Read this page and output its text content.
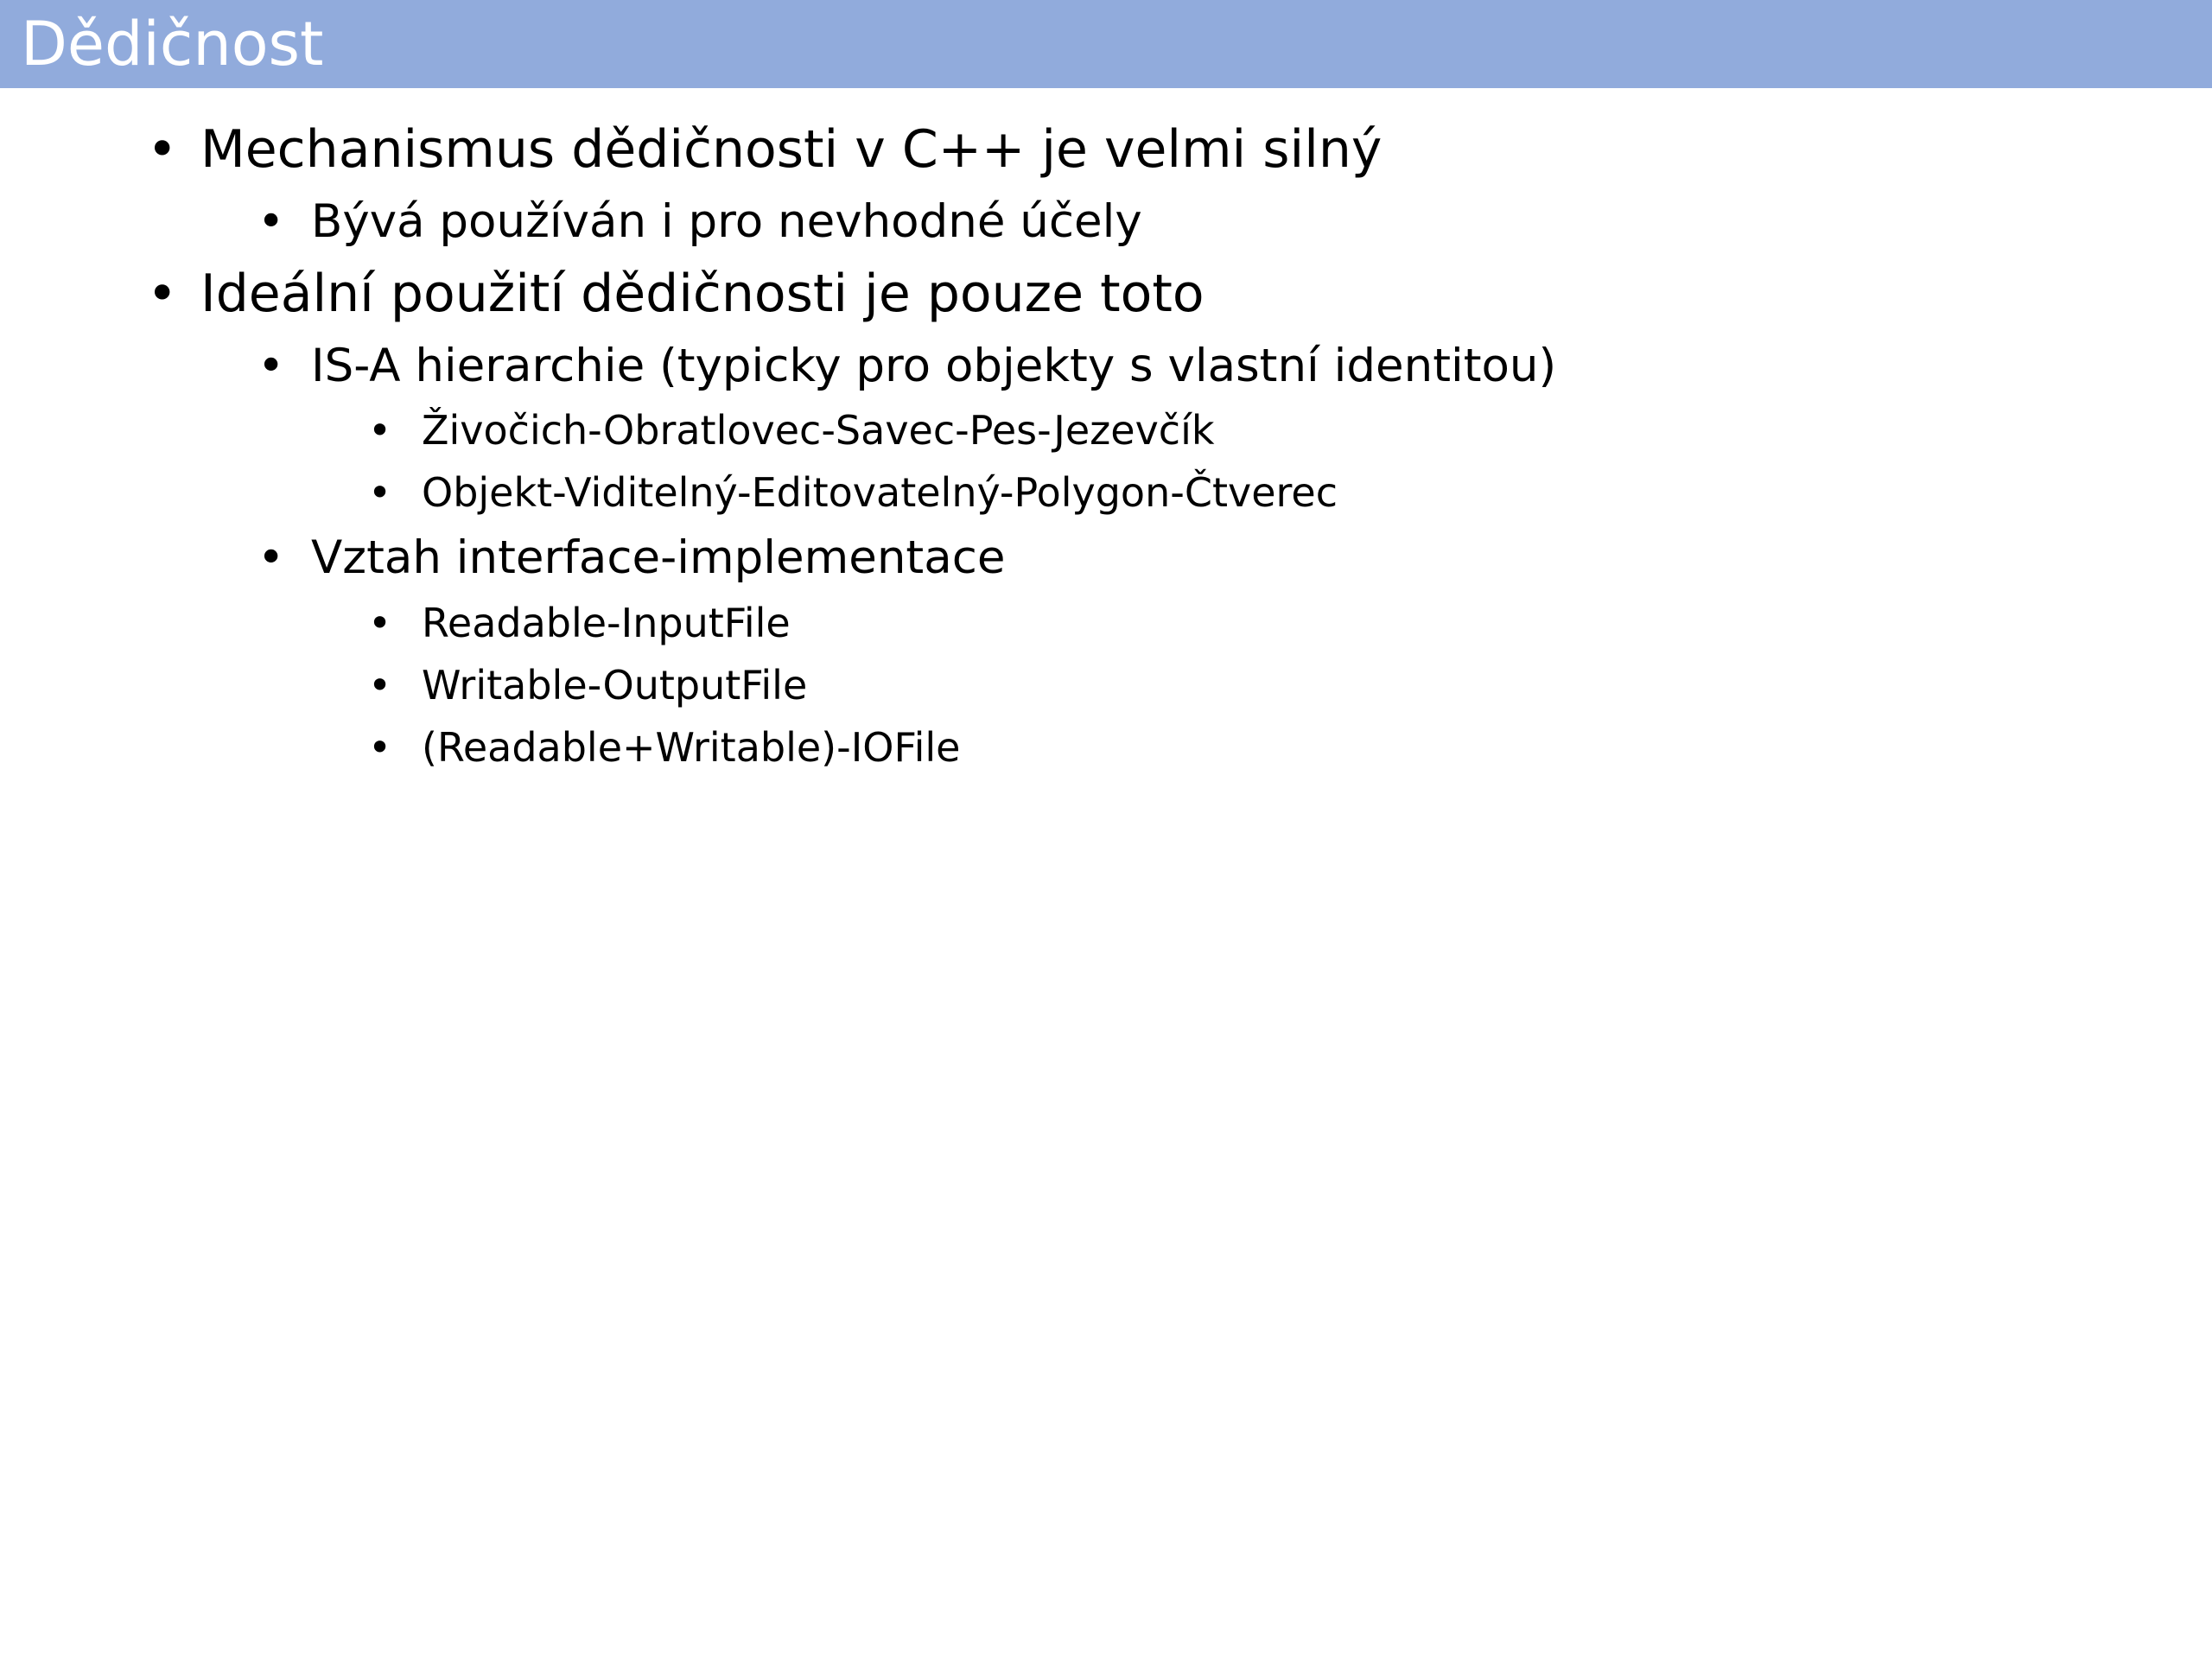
Dědičnost
• Mechanismus dědičnosti v C++ je velmi silný
• Bývá používán i pro nevhodné účely
• Ideální použití dědičnosti je pouze toto
• IS-A hierarchie (typicky pro objekty s vlastní identitou)
• Živočich-Obratlovec-Savec-Pes-Jezevčík
• Objekt-Viditelný-Editovatelný-Polygon-Čtverec
• Vztah interface-implementace
• Readable-InputFile
• Writable-OutputFile
• (Readable+Writable)-IOFile
